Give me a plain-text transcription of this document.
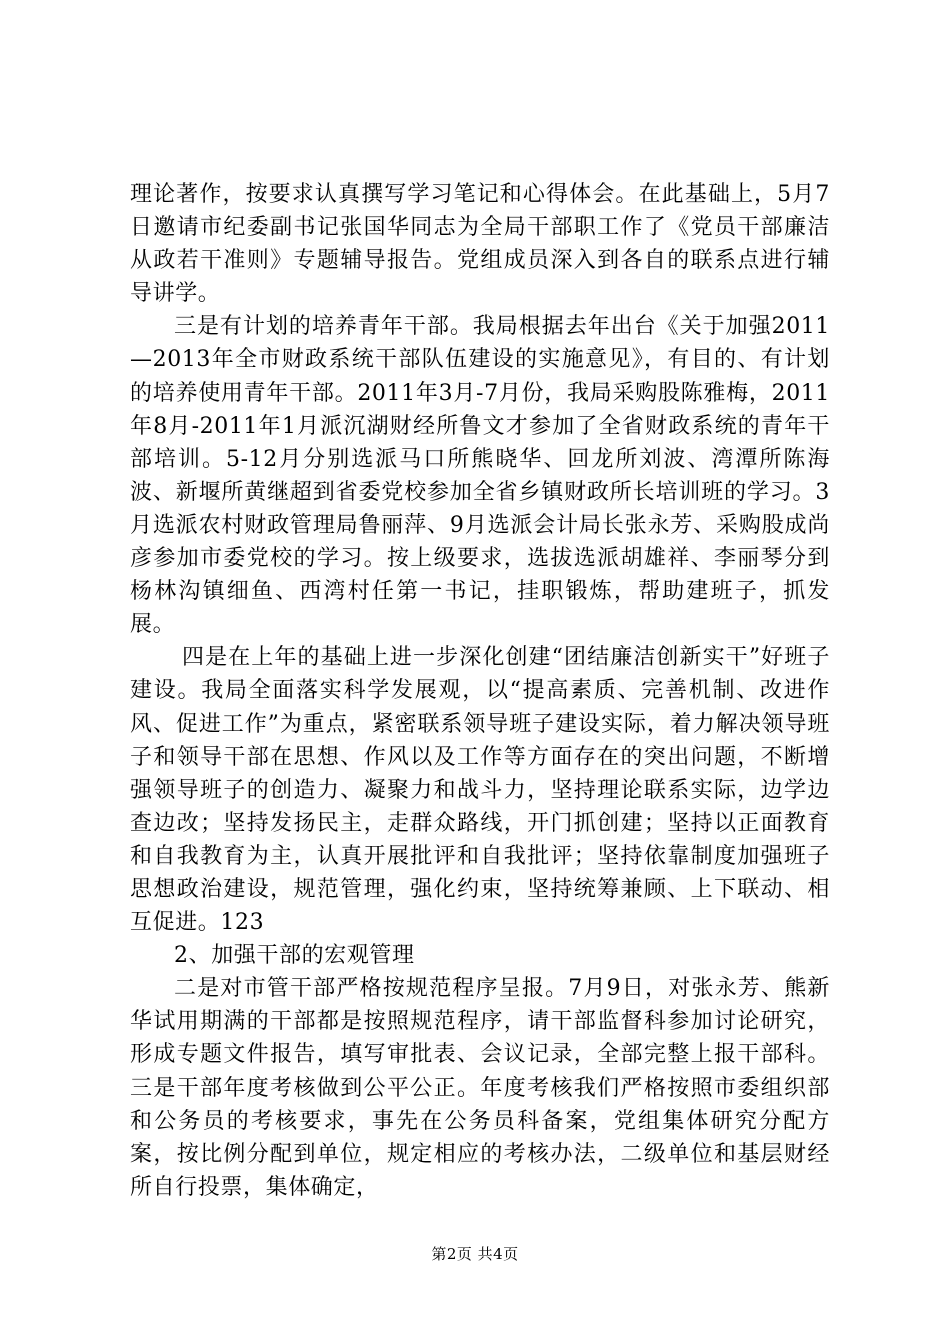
理论著作，按要求认真撰写学习笔记和心得体会。在此基础上，5月7日邀请市纪委副书记张国华同志为全局干部职工作了《党员干部廉洁从政若干准则》专题辅导报告。党组成员深入到各自的联系点进行辅导讲学。

三是有计划的培养青年干部。我局根据去年出台《关于加强2011—2013年全市财政系统干部队伍建设的实施意见》，有目的、有计划的培养使用青年干部。2011年3月-7月份，我局采购股陈雅梅，2011年8月-2011年1月派沉湖财经所鲁文才参加了全省财政系统的青年干部培训。5-12月分别选派马口所熊晓华、回龙所刘波、湾潭所陈海波、新堰所黄继超到省委党校参加全省乡镇财政所长培训班的学习。3月选派农村财政管理局鲁丽萍、9月选派会计局长张永芳、采购股成尚彦参加市委党校的学习。按上级要求，选拔选派胡雄祥、李丽琴分到杨林沟镇细鱼、西湾村任第一书记，挂职锻炼，帮助建班子，抓发展。

四是在上年的基础上进一步深化创建“团结廉洁创新实干”好班子建设。我局全面落实科学发展观，以“提高素质、完善机制、改进作风、促进工作”为重点，紧密联系领导班子建设实际，着力解决领导班子和领导干部在思想、作风以及工作等方面存在的突出问题，不断增强领导班子的创造力、凝聚力和战斗力，坚持理论联系实际，边学边查边改；坚持发扬民主，走群众路线，开门抓创建；坚持以正面教育和自我教育为主，认真开展批评和自我批评；坚持依靠制度加强班子思想政治建设，规范管理，强化约束，坚持统筹兼顾、上下联动、相互促进。123

2、加强干部的宏观管理

二是对市管干部严格按规范程序呈报。7月9日，对张永芳、熊新华试用期满的干部都是按照规范程序，请干部监督科参加讨论研究，形成专题文件报告，填写审批表、会议记录，全部完整上报干部科。三是干部年度考核做到公平公正。年度考核我们严格按照市委组织部和公务员的考核要求，事先在公务员科备案，党组集体研究分配方案，按比例分配到单位，规定相应的考核办法，二级单位和基层财经所自行投票，集体确定，

第2页 共4页
